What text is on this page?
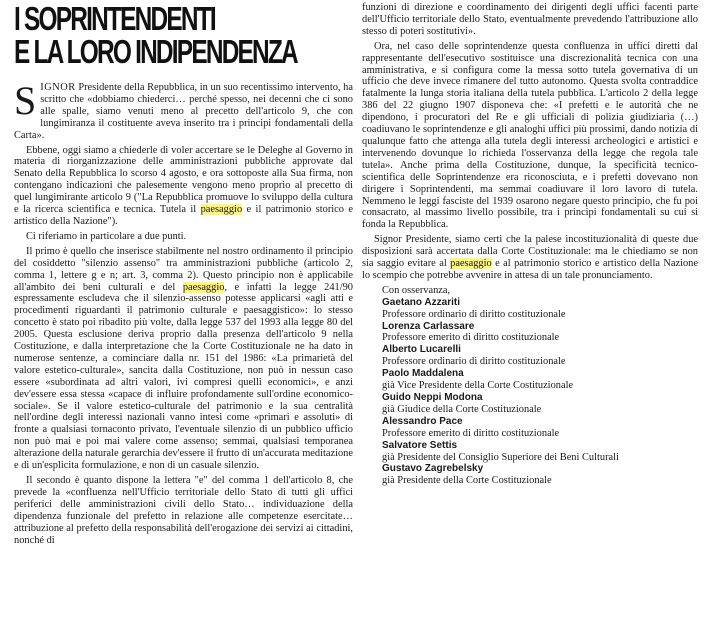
I SOPRINTENDENTI
E LA LORO INDIPENDENZA

SIGNOR Presidente della Repubblica, in un suo recentissimo intervento, ha scritto che «dobbiamo chiederci… perché spesso, nei decenni che ci sono alle spalle, siamo venuti meno al precetto dell'articolo 9, che con lungimiranza il costituente aveva inserito tra i principi fondamentali della Carta».

Ebbene, oggi siamo a chiederle di voler accertare se le Deleghe al Governo in materia di riorganizzazione delle amministrazioni pubbliche approvate dal Senato della Repubblica lo scorso 4 agosto, e ora sottoposte alla Sua firma, non contengano indicazioni che palesemente vengono meno proprio al precetto di quel lungimirante articolo 9 ("La Repubblica promuove lo sviluppo della cultura e la ricerca scientifica e tecnica. Tutela il paesaggio e il patrimonio storico e artistico della Nazione").

Ci riferiamo in particolare a due punti.

Il primo è quello che inserisce stabilmente nel nostro ordinamento il principio del cosiddetto "silenzio assenso" tra amministrazioni pubbliche (articolo 2, comma 1, lettere g e n; art. 3, comma 2). Questo principio non è applicabile all'ambito dei beni culturali e del paesaggio, e infatti la legge 241/90 espressamente escludeva che il silenzio-assenso potesse applicarsi «agli atti e procedimenti riguardanti il patrimonio culturale e paesaggistico»: lo stesso concetto è stato poi ribadito più volte, dalla legge 537 del 1993 alla legge 80 del 2005. Questa esclusione deriva proprio dalla presenza dell'articolo 9 nella Costituzione, e dalla interpretazione che la Corte Costituzionale ne ha dato in numerose sentenze, a cominciare dalla nr. 151 del 1986: «La primarietà del valore estetico-culturale», sancita dalla Costituzione, non può in nessun caso essere «subordinata ad altri valori, ivi compresi quelli economici», e anzi dev'essere essa stessa «capace di influire profondamente sull'ordine economico-sociale». Se il valore estetico-culturale del patrimonio e la sua centralità nell'ordine degli interessi nazionali vanno intesi come «primari e assoluti» di fronte a qualsiasi tornaconto privato, l'eventuale silenzio di un pubblico ufficio non può mai e poi mai valere come assenso; semmai, qualsiasi temporanea alterazione della naturale gerarchia dev'essere il frutto di un'accurata meditazione e di un'esplicita formulazione, e non di un casuale silenzio.

Il secondo è quanto dispone la lettera "e" del comma 1 dell'articolo 8, che prevede la «confluenza nell'Ufficio territoriale dello Stato di tutti gli uffici periferici delle amministrazioni civili dello Stato… individuazione della dipendenza funzionale del prefetto in relazione alle competenze esercitate… attribuzione al prefetto della responsabilità dell'erogazione dei servizi ai cittadini, nonché di

funzioni di direzione e coordinamento dei dirigenti degli uffici facenti parte dell'Ufficio territoriale dello Stato, eventualmente prevedendo l'attribuzione allo stesso di poteri sostitutivi».

Ora, nel caso delle soprintendenze questa confluenza in uffici diretti dal rappresentante dell'esecutivo sostituisce una discrezionalità tecnica con una amministrativa, e si configura come la messa sotto tutela governativa di un ufficio che deve invece rimanere del tutto autonomo. Questa svolta contraddice fatalmente la lunga storia italiana della tutela pubblica. L'articolo 2 della legge 386 del 22 giugno 1907 disponeva che: «I prefetti e le autorità che ne dipendono, i procuratori del Re e gli ufficiali di polizia giudiziaria (…) coadiuvano le soprintendenze e gli analoghi uffici più prossimi, dando notizia di qualunque fatto che attenga alla tutela degli interessi archeologici e artistici e intervenendo dovunque lo richieda l'osservanza della legge che regola tale tutela». Anche prima della Costituzione, dunque, la specificità tecnico-scientifica delle Soprintendenze era riconosciuta, e i prefetti dovevano non dirigere i Soprintendenti, ma semmai coadiuvare il loro lavoro di tutela. Nemmeno le leggi fasciste del 1939 osarono negare questo principio, che fu poi consacrato, al massimo livello possibile, tra i principi fondamentali su cui si fonda la Repubblica.

Signor Presidente, siamo certi che la palese incostituzionalità di queste due disposizioni sarà accertata dalla Corte Costituzionale: ma le chiediamo se non sia saggio evitare al paesaggio e al patrimonio storico e artistico della Nazione lo scempio che potrebbe avvenire in attesa di un tale pronunciamento.

Con osservanza,
Gaetano Azzariti
Professore ordinario di diritto costituzionale
Lorenza Carlassare
Professore emerito di diritto costituzionale
Alberto Lucarelli
Professore ordinario di diritto costituzionale
Paolo Maddalena
già Vice Presidente della Corte Costituzionale
Guido Neppi Modona
già Giudice della Corte Costituzionale
Alessandro Pace
Professore emerito di diritto costituzionale
Salvatore Settis
già Presidente del Consiglio Superiore dei Beni Culturali
Gustavo Zagrebelsky
già Presidente della Corte Costituzionale
